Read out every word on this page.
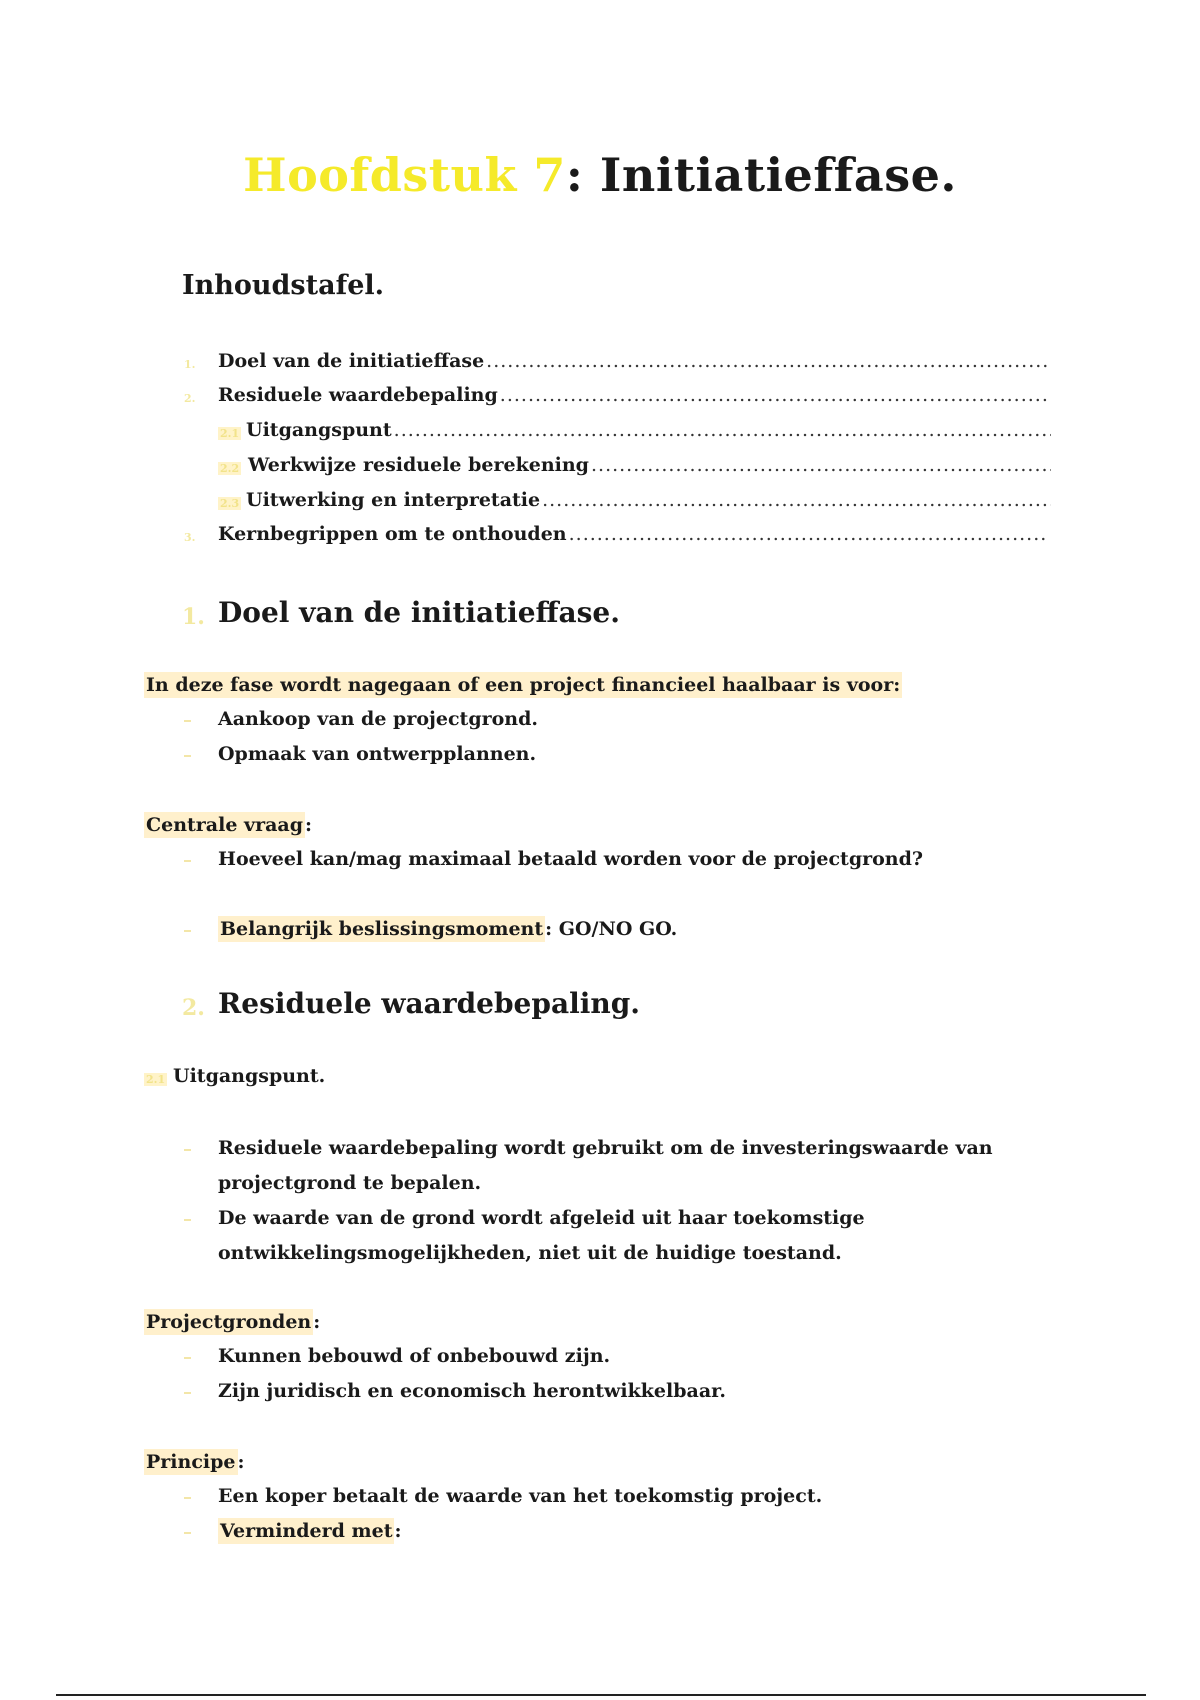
Hoofdstuk 7: Initiatieffase.
Inhoudstafel.
1. Doel van de initiatieffase
.....
2. Residuele waardebepaling
.....
2.1 Uitgangspunt
.....
2.2 Werkwijze residuele berekening
.....
2.3 Uitwerking en interpretatie
.....
3. Kernbegrippen om te onthouden
.....
1. Doel van de initiatieffase.
In deze fase wordt nagegaan of een project financieel haalbaar is voor:
Aankoop van de projectgrond.
Opmaak van ontwerpplannen.
Centrale vraag :
Hoeveel kan/mag maximaal betaald worden voor de projectgrond?
Belangrijk beslissingsmoment : GO/NO GO.
2. Residuele waardebepaling.
2.1 Uitgangspunt.
Residuele waardebepaling wordt gebruikt om de investeringswaarde van projectgrond te bepalen.
De waarde van de grond wordt afgeleid uit haar toekomstige ontwikkelingsmogelijkheden, niet uit de huidige toestand.
Projectgronden :
Kunnen bebouwd of onbebouwd zijn.
Zijn juridisch en economisch herontwikkelbaar.
Principe :
Een koper betaalt de waarde van het toekomstig project.
Verminderd met :
